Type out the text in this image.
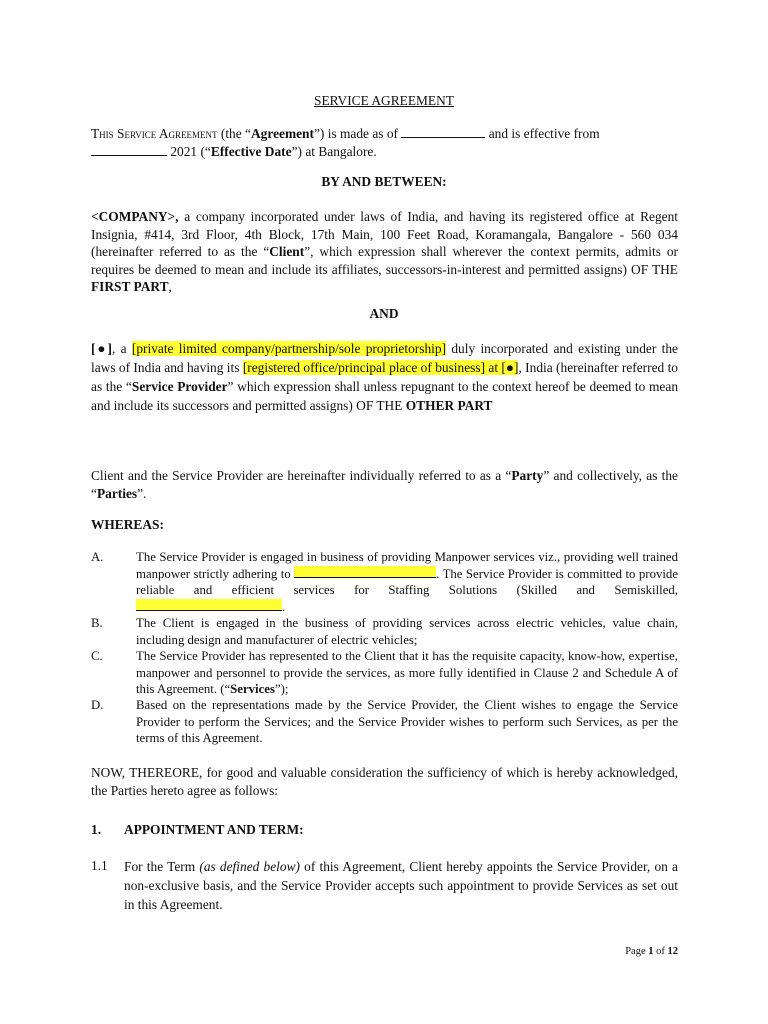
SERVICE AGREEMENT
This Service Agreement (the “Agreement”) is made as of	and is effective from
2021 (“Effective Date”) at Bangalore.
BY AND BETWEEN:
<COMPANY>, a company incorporated under laws of India, and having its registered office at Regent Insignia, #414, 3rd Floor, 4th Block, 17th Main, 100 Feet Road, Koramangala, Bangalore - 560 034 (hereinafter referred to as the “Client”, which expression shall wherever the context permits, admits or requires be deemed to mean and include its affiliates, successors-in-interest and permitted assigns) OF THE FIRST PART,
AND
[●], a [private limited company/partnership/sole proprietorship] duly incorporated and existing under the laws of India and having its [registered office/principal place of business] at [●], India (hereinafter referred to as the “Service Provider” which expression shall unless repugnant to the context hereof be deemed to mean and include its successors and permitted assigns) OF THE OTHER PART
Client and the Service Provider are hereinafter individually referred to as a “Party” and collectively, as the “Parties”.
WHEREAS:
A.	The Service Provider is engaged in business of providing Manpower services viz., providing well trained manpower strictly adhering to	. The Service Provider is committed to provide reliable and efficient services for Staffing Solutions (Skilled and Semiskilled, .
B.	The Client is engaged in the business of providing services across electric vehicles, value chain, including design and manufacturer of electric vehicles;
C.	The Service Provider has represented to the Client that it has the requisite capacity, know-how, expertise, manpower and personnel to provide the services, as more fully identified in Clause 2 and Schedule A of this Agreement. (“Services”);
D.	Based on the representations made by the Service Provider, the Client wishes to engage the Service Provider to perform the Services; and the Service Provider wishes to perform such Services, as per the terms of this Agreement.
NOW, THEREORE, for good and valuable consideration the sufficiency of which is hereby acknowledged, the Parties hereto agree as follows:
1. APPOINTMENT AND TERM:
1.1 For the Term (as defined below) of this Agreement, Client hereby appoints the Service Provider, on a non-exclusive basis, and the Service Provider accepts such appointment to provide Services as set out in this Agreement.
Page 1 of 12
